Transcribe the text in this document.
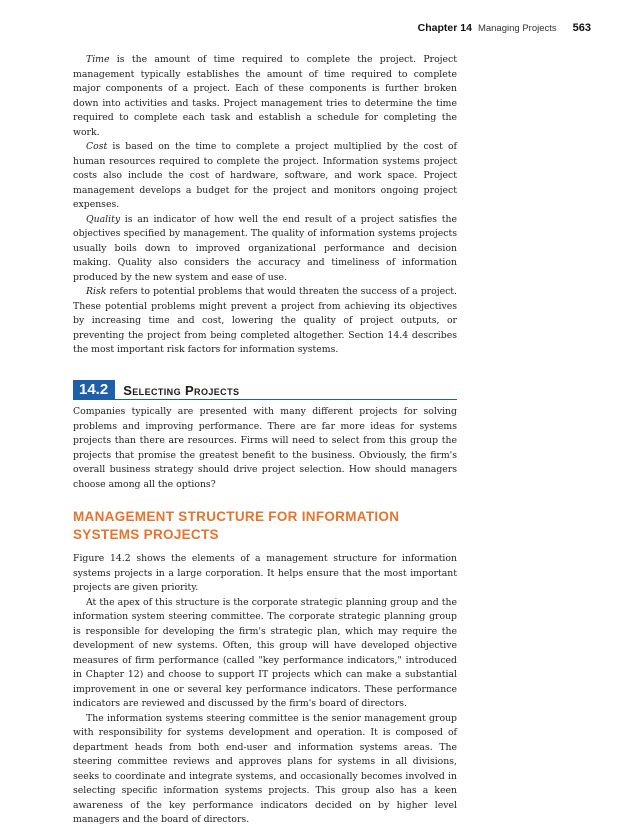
Chapter 14 Managing Projects 563

Time is the amount of time required to complete the project. Project management typically establishes the amount of time required to complete major components of a project. Each of these components is further broken down into activities and tasks. Project management tries to determine the time required to complete each task and establish a schedule for completing the work.

Cost is based on the time to complete a project multiplied by the cost of human resources required to complete the project. Information systems project costs also include the cost of hardware, software, and work space. Project management develops a budget for the project and monitors ongoing project expenses.

Quality is an indicator of how well the end result of a project satisfies the objectives specified by management. The quality of information systems projects usually boils down to improved organizational performance and decision making. Quality also considers the accuracy and timeliness of information produced by the new system and ease of use.

Risk refers to potential problems that would threaten the success of a project. These potential problems might prevent a project from achieving its objectives by increasing time and cost, lowering the quality of project outputs, or preventing the project from being completed altogether. Section 14.4 describes the most important risk factors for information systems.

14.2	Selecting Projects

Companies typically are presented with many different projects for solving problems and improving performance. There are far more ideas for systems projects than there are resources. Firms will need to select from this group the projects that promise the greatest benefit to the business. Obviously, the firm's overall business strategy should drive project selection. How should managers choose among all the options?

MANAGEMENT STRUCTURE FOR INFORMATION SYSTEMS PROJECTS

Figure 14.2 shows the elements of a management structure for information systems projects in a large corporation. It helps ensure that the most important projects are given priority.

At the apex of this structure is the corporate strategic planning group and the information system steering committee. The corporate strategic planning group is responsible for developing the firm's strategic plan, which may require the development of new systems. Often, this group will have developed objective measures of firm performance (called "key performance indicators," introduced in Chapter 12) and choose to support IT projects which can make a substantial improvement in one or several key performance indicators. These performance indicators are reviewed and discussed by the firm's board of directors.

The information systems steering committee is the senior management group with responsibility for systems development and operation. It is composed of department heads from both end-user and information systems areas. The steering committee reviews and approves plans for systems in all divisions, seeks to coordinate and integrate systems, and occasionally becomes involved in selecting specific information systems projects. This group also has a keen awareness of the key performance indicators decided on by higher level managers and the board of directors.
